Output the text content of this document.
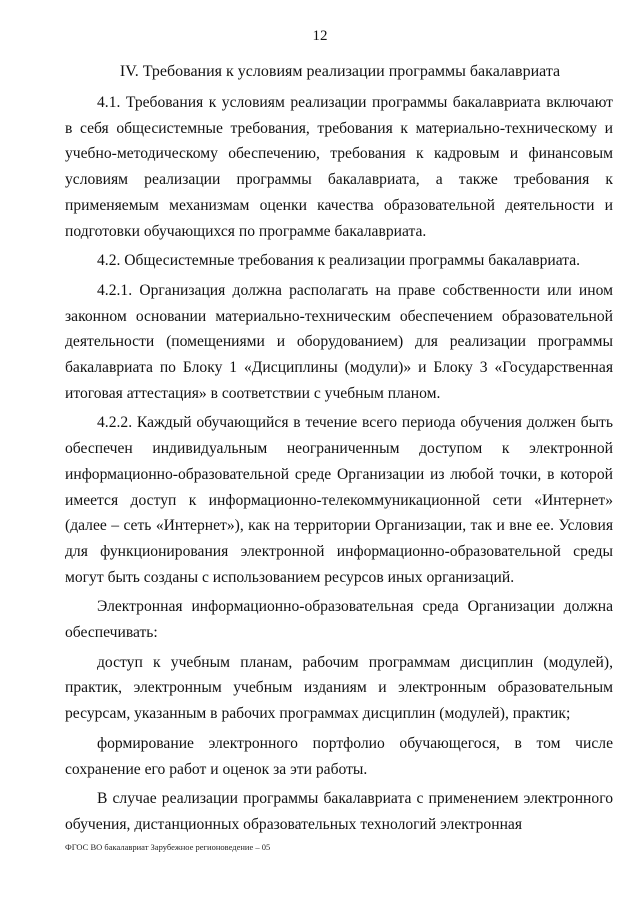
12
IV. Требования к условиям реализации программы бакалавриата

4.1. Требования к условиям реализации программы бакалавриата включают в себя общесистемные требования, требования к материально-техническому и учебно-методическому обеспечению, требования к кадровым и финансовым условиям реализации программы бакалавриата, а также требования к применяемым механизмам оценки качества образовательной деятельности и подготовки обучающихся по программе бакалавриата.

4.2. Общесистемные требования к реализации программы бакалавриата.

4.2.1. Организация должна располагать на праве собственности или ином законном основании материально-техническим обеспечением образовательной деятельности (помещениями и оборудованием) для реализации программы бакалавриата по Блоку 1 «Дисциплины (модули)» и Блоку 3 «Государственная итоговая аттестация» в соответствии с учебным планом.

4.2.2. Каждый обучающийся в течение всего периода обучения должен быть обеспечен индивидуальным неограниченным доступом к электронной информационно-образовательной среде Организации из любой точки, в которой имеется доступ к информационно-телекоммуникационной сети «Интернет» (далее – сеть «Интернет»), как на территории Организации, так и вне ее. Условия для функционирования электронной информационно-образовательной среды могут быть созданы с использованием ресурсов иных организаций.

Электронная информационно-образовательная среда Организации должна обеспечивать:

доступ к учебным планам, рабочим программам дисциплин (модулей), практик, электронным учебным изданиям и электронным образовательным ресурсам, указанным в рабочих программах дисциплин (модулей), практик;

формирование электронного портфолио обучающегося, в том числе сохранение его работ и оценок за эти работы.

В случае реализации программы бакалавриата с применением электронного обучения, дистанционных образовательных технологий электронная

ФГОС ВО бакалавриат Зарубежное регионоведение – 05
